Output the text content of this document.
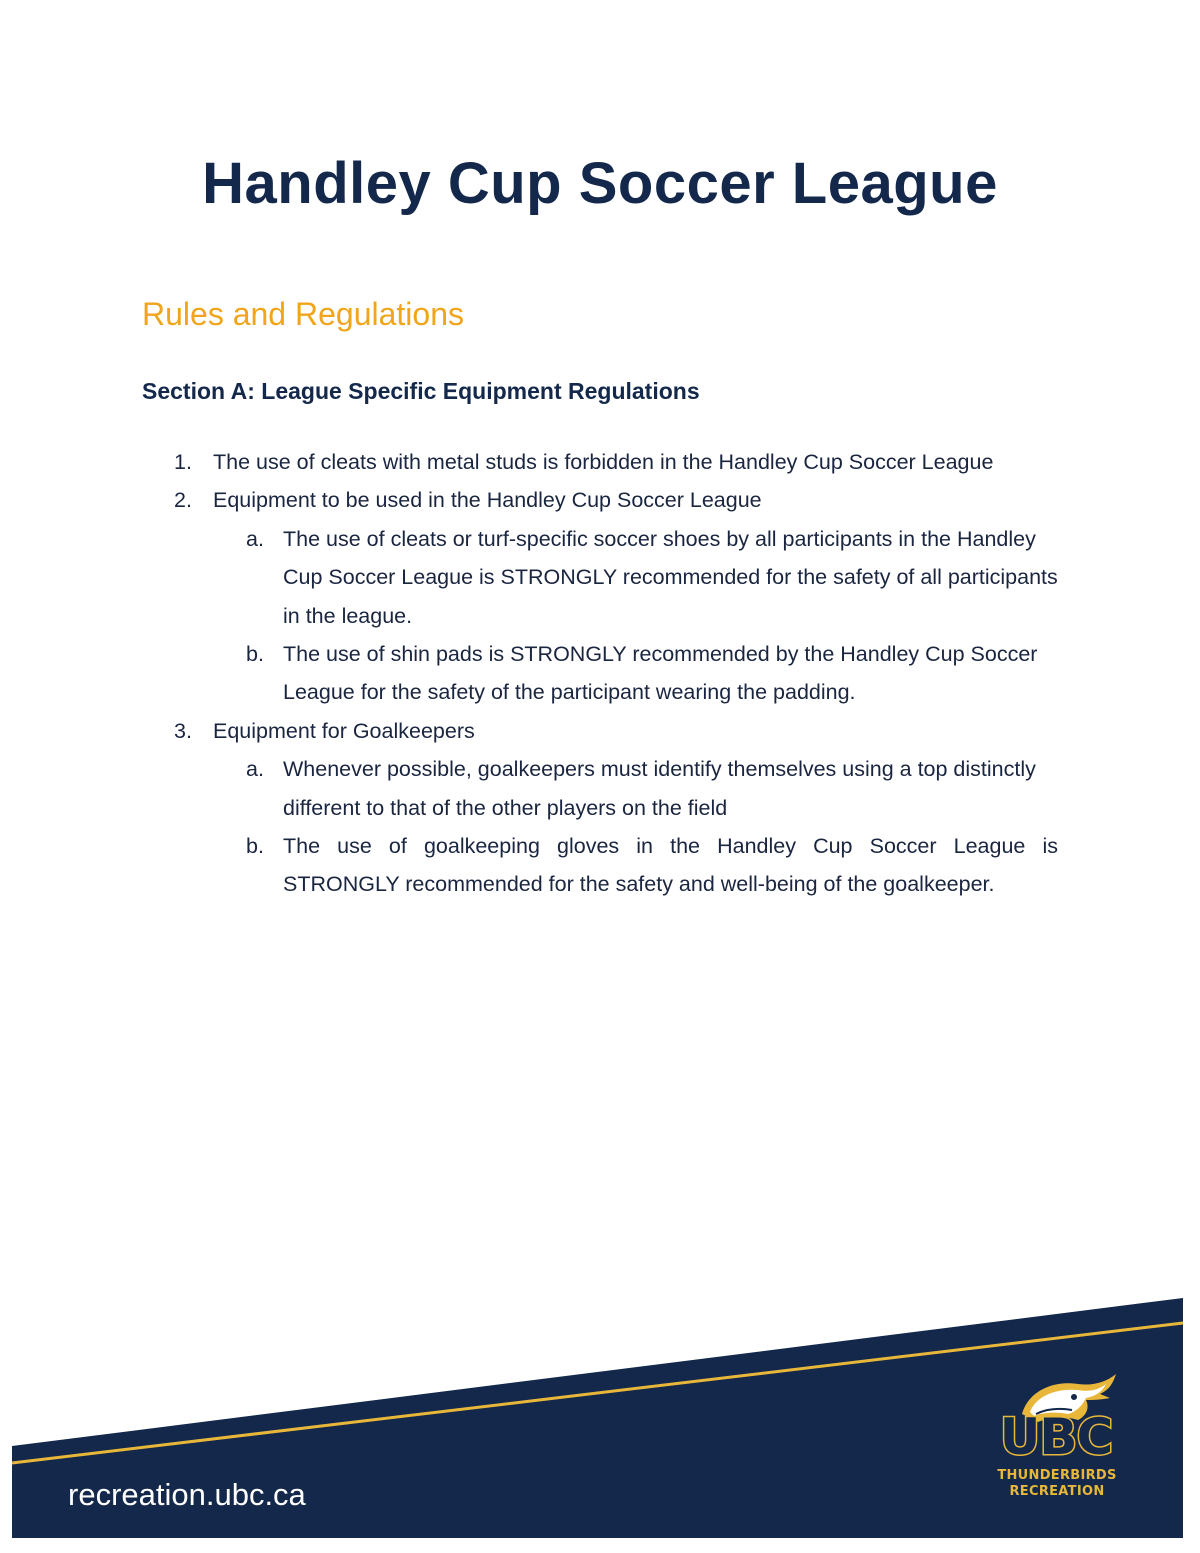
Handley Cup Soccer League
Rules and Regulations
Section A: League Specific Equipment Regulations
1. The use of cleats with metal studs is forbidden in the Handley Cup Soccer League
2. Equipment to be used in the Handley Cup Soccer League
a. The use of cleats or turf-specific soccer shoes by all participants in the Handley Cup Soccer League is STRONGLY recommended for the safety of all participants in the league.
b. The use of shin pads is STRONGLY recommended by the Handley Cup Soccer League for the safety of the participant wearing the padding.
3. Equipment for Goalkeepers
a. Whenever possible, goalkeepers must identify themselves using a top distinctly different to that of the other players on the field
b. The use of goalkeeping gloves in the Handley Cup Soccer League is STRONGLY recommended for the safety and well-being of the goalkeeper.

recreation.ubc.ca

UBC
THUNDERBIRDS
RECREATION
